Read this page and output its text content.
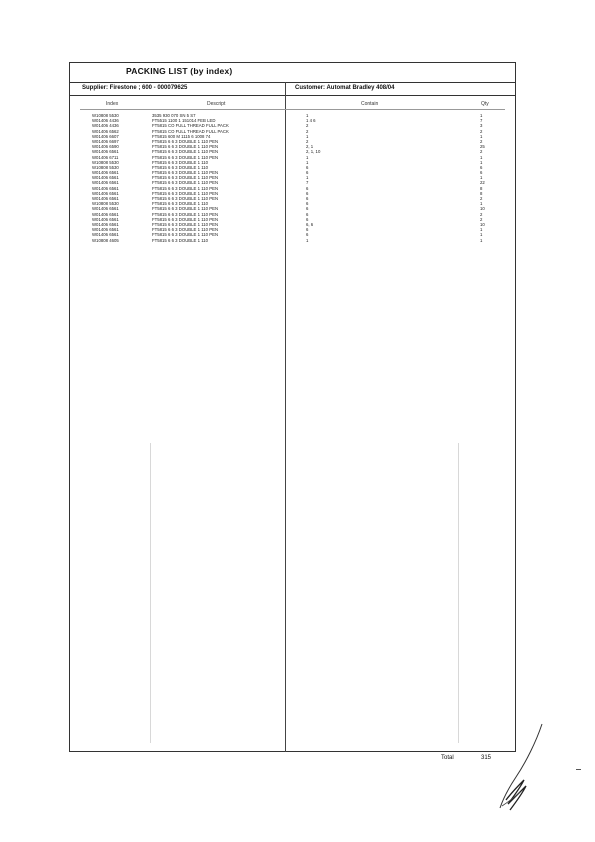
PACKING LIST (by index)
Supplier: Firestone ; 600 - 000079625	Customer: Automat Bradley 408/04
Index	Descript	Contain	Qty
W10808 5530	3535 930 070 SN 5 S7	1	1
W01406 4436	FT5515 1100 1 151014 FEB LED	1 4 6	7
W01406 4436	FT5815 CO FULL THREAD FULL PACK	2	3
W01406 6562	FT5815 CO FULL THREAD FULL PACK	2	2
W01406 6607	FT5815 600 M 1115 6 1008 74	1	1
W01406 6697	FT5815 6 6 3 DOUBLE 1 110 PEN	2	2
W01406 6590	FT5815 6 6 3 DOUBLE 1 110 PEN	2, 1	25
W01406 6561	FT5815 6 6 3 DOUBLE 1 110 PEN	2, 1, 10	2
W01406 6711	FT5815 6 6 3 DOUBLE 1 110 PEN	1	1
W10808 5530	FT5815 6 6 3 DOUBLE 1 110	1	1
W10808 5530	FT5815 6 6 3 DOUBLE 1 110	6	6
W01406 6561	FT5815 6 6 3 DOUBLE 1 110 PEN	6	6
W01406 6561	FT5815 6 6 3 DOUBLE 1 110 PEN	1	1
W01406 6561	FT5815 6 6 3 DOUBLE 1 110 PEN	7	22
W01406 6561	FT5815 6 6 3 DOUBLE 1 110 PEN	6	8
W01406 6561	FT5815 6 6 3 DOUBLE 1 110 PEN	6	8
W01406 6561	FT5815 6 6 3 DOUBLE 1 110 PEN	6	2
W10808 5530	FT5815 6 6 3 DOUBLE 1 110	6	1
W01406 6561	FT5815 6 6 3 DOUBLE 1 110 PEN	6	10
W01406 6561	FT5815 6 6 3 DOUBLE 1 110 PEN	6	2
W01406 6561	FT5815 6 6 3 DOUBLE 1 110 PEN	6	2
W01406 6561	FT5815 6 6 3 DOUBLE 1 110 PEN	6, 6	10
W01406 6561	FT5815 6 6 3 DOUBLE 1 110 PEN	6	1
W01406 6561	FT5815 6 6 3 DOUBLE 1 110 PEN	6	1
W10808 4605	FT5815 6 6 3 DOUBLE 1 110	1	1
Total	315
